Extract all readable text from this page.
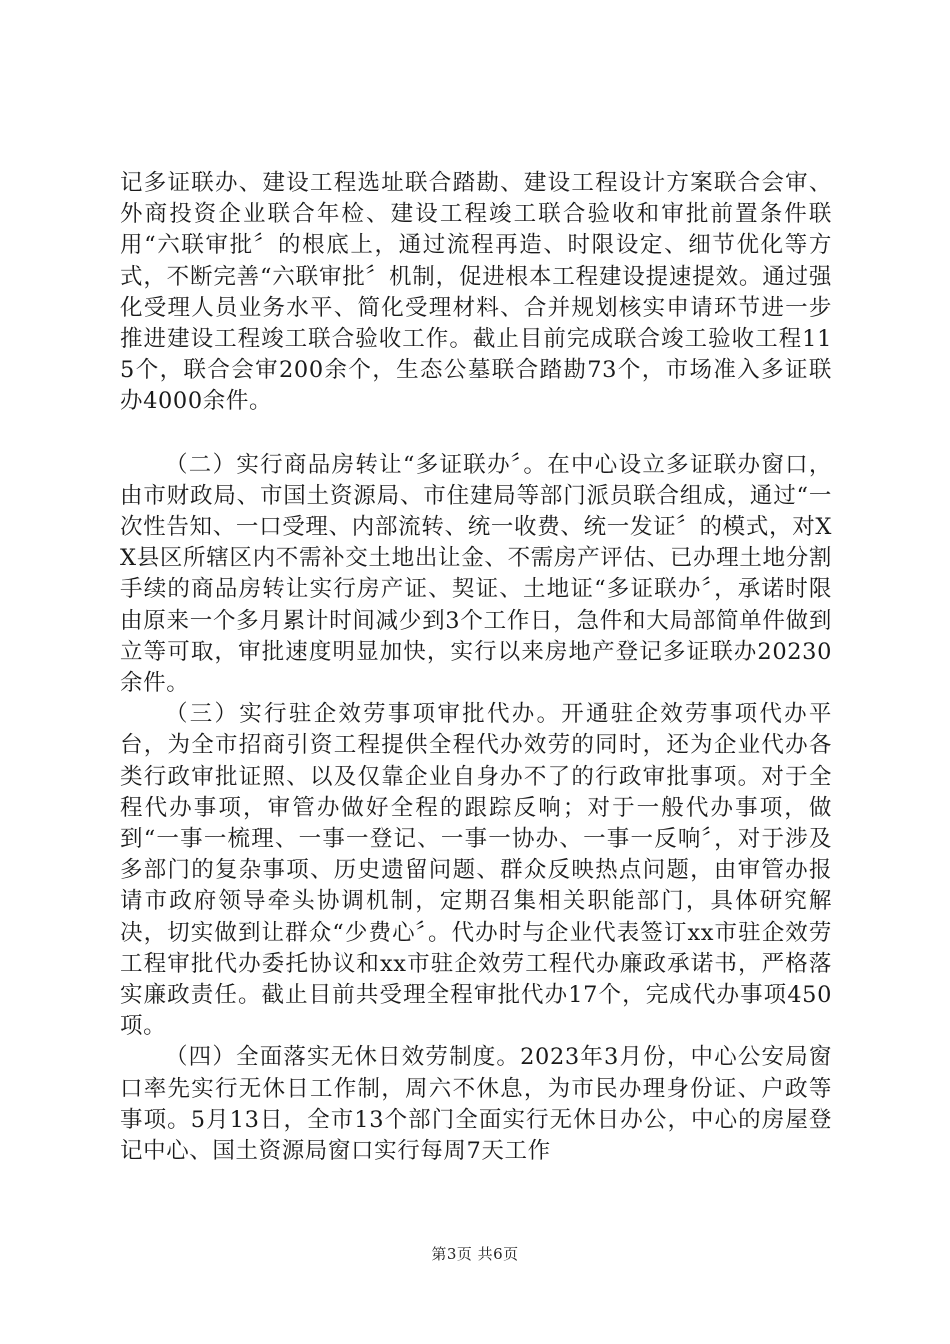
记多证联办、建设工程选址联合踏勘、建设工程设计方案联合会审、外商投资企业联合年检、建设工程竣工联合验收和审批前置条件联用“六联审批〞的根底上，通过流程再造、时限设定、细节优化等方式，不断完善“六联审批〞机制，促进根本工程建设提速提效。通过强化受理人员业务水平、简化受理材料、合并规划核实申请环节进一步推进建设工程竣工联合验收工作。截止目前完成联合竣工验收工程115个，联合会审200余个，生态公墓联合踏勘73个，市场准入多证联办4000余件。

（二）实行商品房转让“多证联办〞。在中心设立多证联办窗口，由市财政局、市国土资源局、市住建局等部门派员联合组成，通过“一次性告知、一口受理、内部流转、统一收费、统一发证〞的模式，对XX县区所辖区内不需补交土地出让金、不需房产评估、已办理土地分割手续的商品房转让实行房产证、契证、土地证“多证联办〞，承诺时限由原来一个多月累计时间减少到3个工作日，急件和大局部简单件做到立等可取，审批速度明显加快，实行以来房地产登记多证联办20230余件。

（三）实行驻企效劳事项审批代办。开通驻企效劳事项代办平台，为全市招商引资工程提供全程代办效劳的同时，还为企业代办各类行政审批证照、以及仅靠企业自身办不了的行政审批事项。对于全程代办事项，审管办做好全程的跟踪反响；对于一般代办事项，做到“一事一梳理、一事一登记、一事一协办、一事一反响〞，对于涉及多部门的复杂事项、历史遗留问题、群众反映热点问题，由审管办报请市政府领导牵头协调机制，定期召集相关职能部门，具体研究解决，切实做到让群众“少费心〞。代办时与企业代表签订xx市驻企效劳工程审批代办委托协议和xx市驻企效劳工程代办廉政承诺书，严格落实廉政责任。截止目前共受理全程审批代办17个，完成代办事项450项。

（四）全面落实无休日效劳制度。2023年3月份，中心公安局窗口率先实行无休日工作制，周六不休息，为市民办理身份证、户政等事项。5月13日，全市13个部门全面实行无休日办公，中心的房屋登记中心、国土资源局窗口实行每周7天工作

第3页 共6页
